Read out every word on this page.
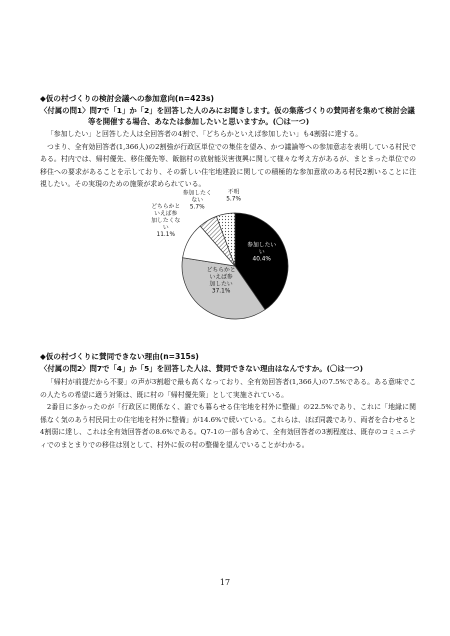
◆仮の村づくりの検討会議への参加意向(n=423s)
〈付属の問1〉問7で「1」か「2」を回答した人のみにお聞きします。仮の集落づくりの賛同者を集めて検討会議
等を開催する場合、あなたは参加したいと思いますか。(〇は一つ)

「参加したい」と回答した人は全回答者の4割で、「どちらかといえば参加したい」も4割弱に達する。

つまり、全有効回答者(1,366人)の2割強が行政区単位での集住を望み、かつ議論等への参加意志を表明している村民である。村内では、帰村優先、移住優先等、飯舘村の放射能災害復興に関して様々な考え方があるが、まとまった単位での移住への要求があることを示しており、その新しい住宅地建設に関しての積極的な参加意欲のある村民2割いることに注視したい。その実現のための施策が求められている。

参加したい
い
40.4%
どちらかと
いえば参
加したい
37.1%
どちらかと
いえば参
加したくな
い
11.1%
参加したく
ない
5.7%
不明
5.7%
◆仮の村づくりに賛同できない理由(n=315s)
〈付属の問2〉問7で「4」か「5」を回答した人は、賛同できない理由はなんですか。(〇は一つ)

「帰村が前提だから不要」の声が3割超で最も高くなっており、全有効回答者(1,366人)の7.5%である。ある意味でこの人たちの希望に適う対策は、既に村の「帰村優先策」として実施されている。

2番目に多かったのが「行政区に関係なく、誰でも暮らせる住宅地を村外に整備」の22.5%であり、これに「地縁に関係なく気のあう村民同士の住宅地を村外に整備」が14.6%で続いている。これらは、ほぼ同義であり、両者を合わせると4割弱に達し、これは全有効回答者の8.6%である。Q7-1の一部も含めて、全有効回答者の3割程度は、既存のコミュニティでのまとまりでの移住は別として、村外に仮の村の整備を望んでいることがわかる。

17
